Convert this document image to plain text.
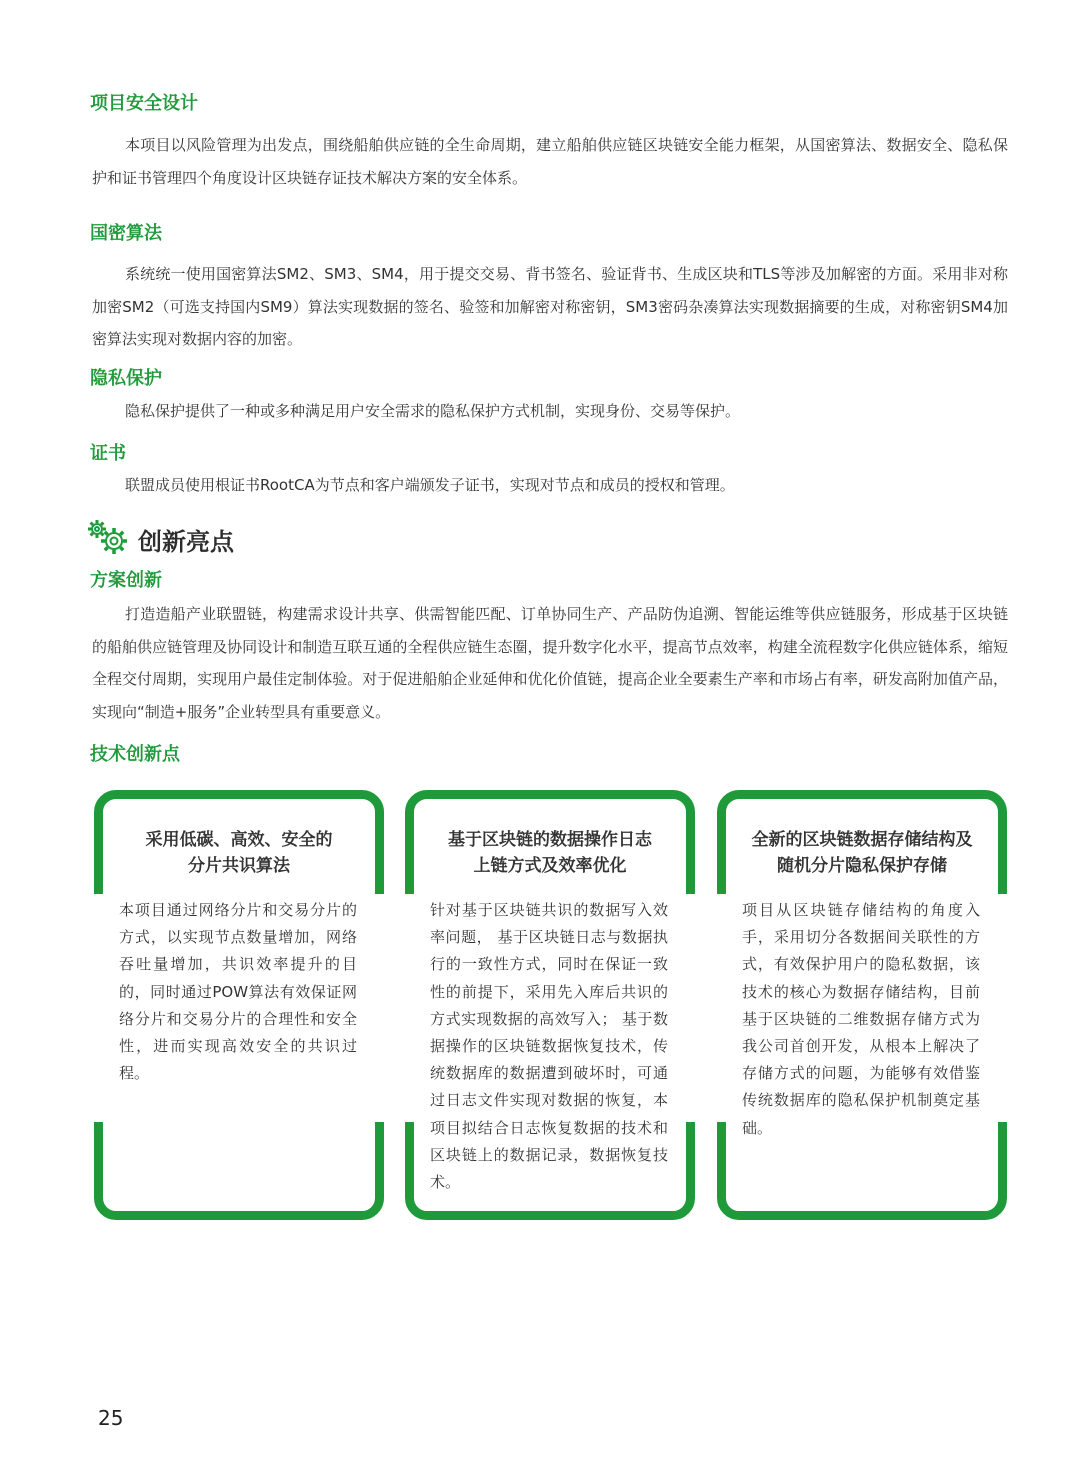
项目安全设计

本项目以风险管理为出发点，围绕船舶供应链的全生命周期，建立船舶供应链区块链安全能力框架，从国密算法、数据安全、隐私保护和证书管理四个角度设计区块链存证技术解决方案的安全体系。

国密算法

系统统一使用国密算法SM2、SM3、SM4，用于提交交易、背书签名、验证背书、生成区块和TLS等涉及加解密的方面。采用非对称加密SM2（可选支持国内SM9）算法实现数据的签名、验签和加解密对称密钥，SM3密码杂凑算法实现数据摘要的生成，对称密钥SM4加密算法实现对数据内容的加密。

隐私保护

隐私保护提供了一种或多种满足用户安全需求的隐私保护方式机制，实现身份、交易等保护。

证书

联盟成员使用根证书RootCA为节点和客户端颁发子证书，实现对节点和成员的授权和管理。

创新亮点
方案创新

打造造船产业联盟链，构建需求设计共享、供需智能匹配、订单协同生产、产品防伪追溯、智能运维等供应链服务，形成基于区块链的船舶供应链管理及协同设计和制造互联互通的全程供应链生态圈，提升数字化水平，提高节点效率，构建全流程数字化供应链体系，缩短全程交付周期，实现用户最佳定制体验。对于促进船舶企业延伸和优化价值链，提高企业全要素生产率和市场占有率，研发高附加值产品，实现向“制造+服务”企业转型具有重要意义。

技术创新点
采用低碳、高效、安全的
分片共识算法
本项目通过网络分片和交易分片的方式，以实现节点数量增加，网络吞吐量增加，共识效率提升的目的，同时通过POW算法有效保证网络分片和交易分片的合理性和安全性，进而实现高效安全的共识过程。
基于区块链的数据操作日志
上链方式及效率优化
针对基于区块链共识的数据写入效率问题， 基于区块链日志与数据执行的一致性方式，同时在保证一致性的前提下，采用先入库后共识的方式实现数据的高效写入； 基于数据操作的区块链数据恢复技术，传统数据库的数据遭到破坏时，可通过日志文件实现对数据的恢复，本项目拟结合日志恢复数据的技术和区块链上的数据记录，数据恢复技术。
全新的区块链数据存储结构及
随机分片隐私保护存储
项目从区块链存储结构的角度入手，采用切分各数据间关联性的方式，有效保护用户的隐私数据，该技术的核心为数据存储结构，目前基于区块链的二维数据存储方式为我公司首创开发，从根本上解决了存储方式的问题，为能够有效借鉴传统数据库的隐私保护机制奠定基础。
25
